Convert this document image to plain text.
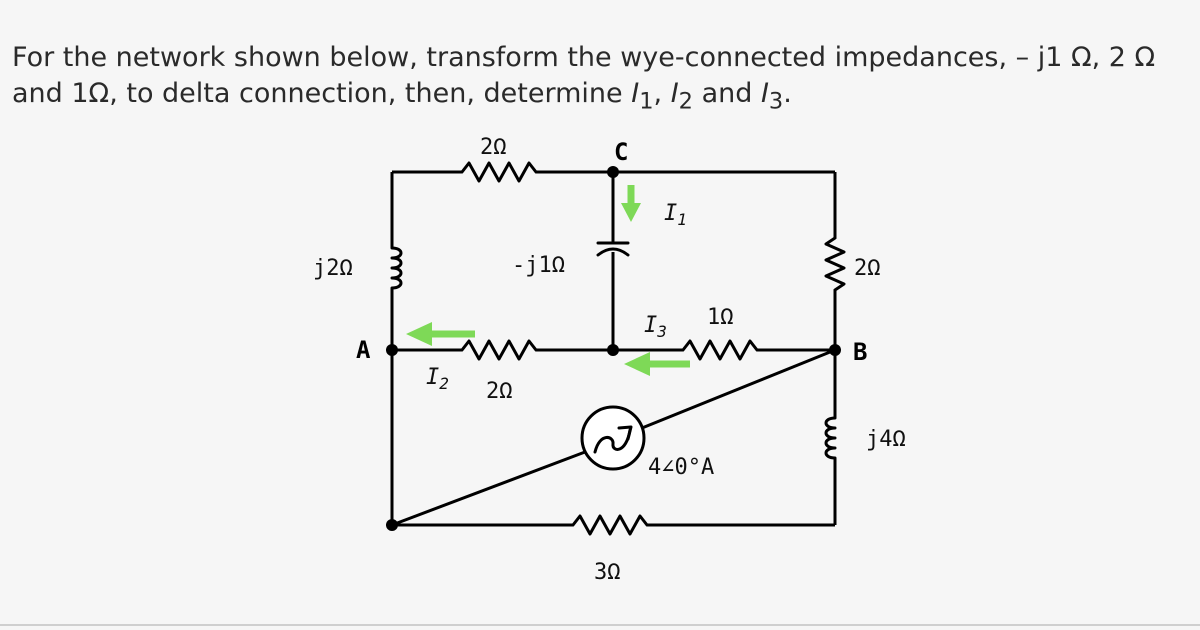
For the network shown below, transform the wye-connected impedances, – j1 Ω, 2 Ω and 1Ω, to delta connection, then, determine $I_1$, $I_2$ and $I_3$.

C
A	B
2Ω
j2Ω	-j1Ω	2Ω
2Ω
1Ω
j4Ω
3Ω
4∠0°A
$I_1$
$I_2$
$I_3$
